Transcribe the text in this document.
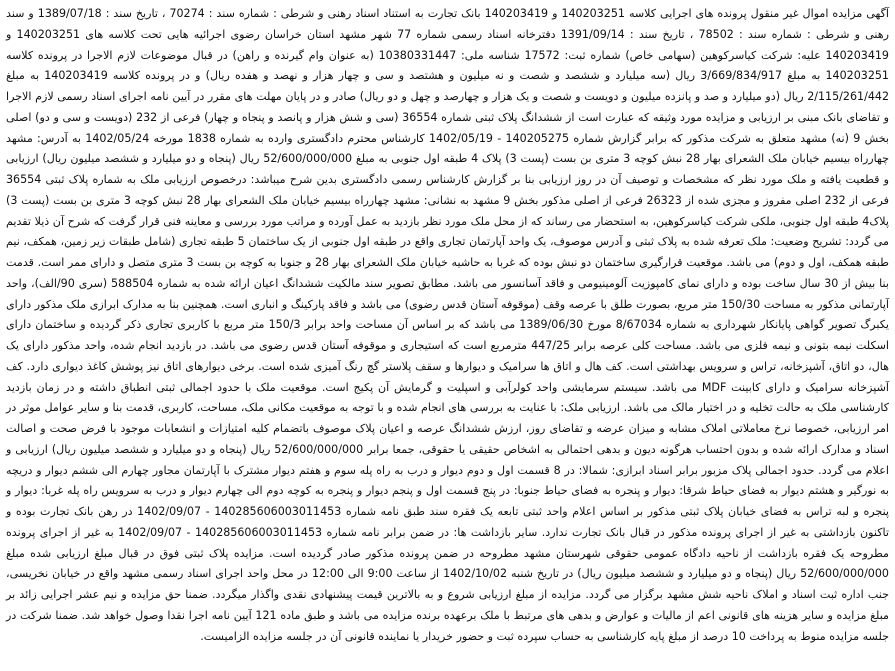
آگهی مزایده اموال غیر منقول پرونده های اجرایی کلاسه 140203251 و 140203419 بانک تجارت به استناد اسناد رهنی و شرطی : شماره سند : 70274 ، تاریخ سند : 1389/07/18 و سند رهنی و شرطی : شماره سند : 78502 ، تاریخ سند : 1391/09/14 دفترخانه اسناد رسمی شماره 77 شهر مشهد استان خراسان رضوی اجرائیه هایی تحت کلاسه های 140203251 و 140203419 علیه: شرکت کیاسرکوهین (سهامی خاص) شماره ثبت: 17572 شناسه ملی: 10380331447 (به عنوان وام گیرنده و راهن) در قبال موضوعات لازم الاجرا در پرونده کلاسه 140203251 به مبلغ 3/669/834/917 ریال (سه میلیارد و ششصد و شصت و نه میلیون و هشتصد و سی و چهار هزار و نهصد و هفده ریال) و در پرونده کلاسه 140203419 به مبلغ 2/115/261/442 ریال (دو میلیارد و صد و پانزده میلیون و دویست و شصت و یک هزار و چهارصد و چهل و دو ریال) صادر و در پایان مهلت های مقرر در آیین نامه اجرای اسناد رسمی لازم الاجرا و تقاضای بانک مبنی بر ارزیابی و مزایده مورد وثیقه که عبارت است از ششدانگ پلاک ثبتی شماره 36554 (سی و شش هزار و پانصد و پنجاه و چهار) فرعی از 232 (دویست و سی و دو) اصلی بخش 9 (نه) مشهد متعلق به شرکت مذکور که برابر گزارش شماره 140205275 - 1402/05/19 کارشناس محترم دادگستری وارده به شماره 1838 مورخه 1402/05/24 به آدرس: مشهد چهارراه بیسیم خیابان ملک الشعرای بهار 28 نبش کوچه 3 متری بن بست (پست 3) پلاک 4 طبقه اول جنوبی به مبلغ 52/600/000/000 ریال (پنجاه و دو میلیارد و ششصد میلیون ریال) ارزیابی و قطعیت یافته و ملک مورد نظر که مشخصات و توصیف آن در روز ارزیابی بنا بر گزارش کارشناس رسمی دادگستری بدین شرح میباشد: درخصوص ارزیابی ملک به شماره پلاک ثبتی 36554 فرعی از 232 اصلی مفروز و مجزی شده از 26323 فرعی از اصلی مذکور بخش 9 مشهد به نشانی: مشهد چهارراه بیسیم خیابان ملک الشعرای بهار 28 نبش کوچه 3 متری بن بست (پست 3) پلاک4 طبقه اول جنوبی، ملکی شرکت کیاسرکوهین، به استحضار می رساند که از محل ملک مورد نظر بازدید به عمل آورده و مراتب مورد بررسی و معاینه فنی قرار گرفت که شرح آن ذیلا تقدیم می گردد: تشریح وضعیت: ملک تعرفه شده به پلاک ثبتی و آدرس موصوف، یک واحد آپارتمان تجاری واقع در طبقه اول جنوبی از یک ساختمان 5 طبقه تجاری (شامل طبقات زیر زمین، همکف، نیم طبقه همکف، اول و دوم) می باشد. موقعیت قرارگیری ساختمان دو نبش بوده که غربا به حاشیه خیابان ملک الشعرای بهار 28 و جنوبا به کوچه بن بست 3 متری متصل و دارای ممر است. قدمت بنا بیش از 30 سال ساخت بوده و دارای نمای کامپوزیت آلومینیومی و فاقد آسانسور می باشد. مطابق تصویر سند مالکیت ششدانگ اعیان ارائه شده به شماره 588504 (سری 90/الف)، واحد آپارتمانی مذکور به مساحت 150/30 متر مربع، بصورت طلق با عرصه وقف (موقوفه آستان قدس رضوی) می باشد و فاقد پارکینگ و انباری است. همچنین بنا به مدارک ابرازی ملک مذکور دارای یکبرگ تصویر گواهی پایانکار شهرداری به شماره 8/67034 مورخ 1389/06/30 می باشد که بر اساس آن مساحت واحد برابر 150/3 متر مربع با کاربری تجاری ذکر گردیده و ساختمان دارای اسکلت نیمه بتونی و نیمه فلزی می باشد. مساحت کلی عرصه برابر 447/25 مترمربع است که استیجاری و موقوفه آستان قدس رضوی می باشد. در بازدید انجام شده، واحد مذکور دارای یک هال، دو اتاق، آشپزخانه، تراس و سرویس بهداشتی است. کف هال و اتاق ها سرامیک و دیوارها و سقف پلاستر گچ رنگ آمیزی شده است. برخی دیوارهای اتاق نیز پوشش کاغذ دیواری دارد. کف آشپزخانه سرامیک و دارای کابینت MDF می باشد. سیستم سرمایشی واحد کولرآبی و اسپلیت و گرمایش آن پکیج است. موقعیت ملک با حدود اجمالی ثبتی انطباق داشته و در زمان بازدید کارشناسی ملک به حالت تخلیه و در اختیار مالک می باشد. ارزیابی ملک: با عنایت به بررسی های انجام شده و با توجه به موقعیت مکانی ملک، مساحت، کاربری، قدمت بنا و سایر عوامل موثر در امر ارزیابی، خصوصا نرخ معاملاتی املاک مشابه و میزان عرضه و تقاضای روز، ارزش ششدانگ عرصه و اعیان پلاک موصوف باتضمام کلیه امتیازات و انشعابات موجود با فرض صحت و اصالت اسناد و مدارک ارائه شده و بدون احتساب هرگونه دیون و بدهی احتمالی به اشخاص حقیقی یا حقوقی، جمعا برابر 52/600/000/000 ریال (پنجاه و دو میلیارد و ششصد میلیون ریال) ارزیابی و اعلام می گردد. حدود اجمالی پلاک مزبور برابر اسناد ابرازی: شمالا: در 8 قسمت اول و دوم دیوار و درب به راه پله سوم و هفتم دیوار مشترک با آپارتمان مجاور چهارم الی ششم دیوار و دریچه به نورگیر و هشتم دیوار به فضای حیاط شرقا: دیوار و پنجره به فضای حیاط جنوبا: در پنج قسمت اول و پنجم دیوار و پنجره به کوچه دوم الی چهارم دیوار و درب به سرویس راه پله غربا: دیوار و پنجره و لبه تراس به فضای خیابان پلاک ثبتی مذکور بر اساس اعلام واحد ثبتی تابعه یک فقره سند طبق نامه شماره 140285606003011453 - 1402/09/07 در رهن بانک تجارت بوده و تاکنون بازداشتی به غیر از اجرای پرونده مذکور در قبال بانک تجارت ندارد. سایر بازداشت ها: در ضمن برابر نامه شماره 140285606003011453 - 1402/09/07 به غیر از اجرای پرونده مطروحه یک فقره بازداشت از ناحیه دادگاه عمومی حقوقی شهرستان مشهد مطروحه در ضمن پرونده مذکور صادر گردیده است. مزایده پلاک ثبتی فوق در قبال مبلغ ارزیابی شده مبلغ 52/600/000/000 ریال (پنجاه و دو میلیارد و ششصد میلیون ریال) در تاریخ شنبه 1402/10/02 از ساعت 9:00 الی 12:00 در محل واحد اجرای اسناد رسمی مشهد واقع در خیابان نخریسی، جنب اداره ثبت اسناد و املاک ناحیه شش مشهد برگزار می گردد. مزایده از مبلغ ارزیابی شروع و به بالاترین قیمت پیشنهادی نقدی واگذار میگردد. ضمنا حق مزایده و نیم عشر اجرایی زائد بر مبلغ مزایده و سایر هزینه های قانونی اعم از مالیات و عوارض و بدهی های مرتبط با ملک برعهده برنده مزایده می باشد و طبق ماده 121 آیین نامه اجرا نقدا وصول خواهد شد. ضمنا شرکت در جلسه مزایده منوط به پرداخت 10 درصد از مبلغ پایه کارشناسی به حساب سپرده ثبت و حضور خریدار یا نماینده قانونی آن در جلسه مزایده الزامیست.
